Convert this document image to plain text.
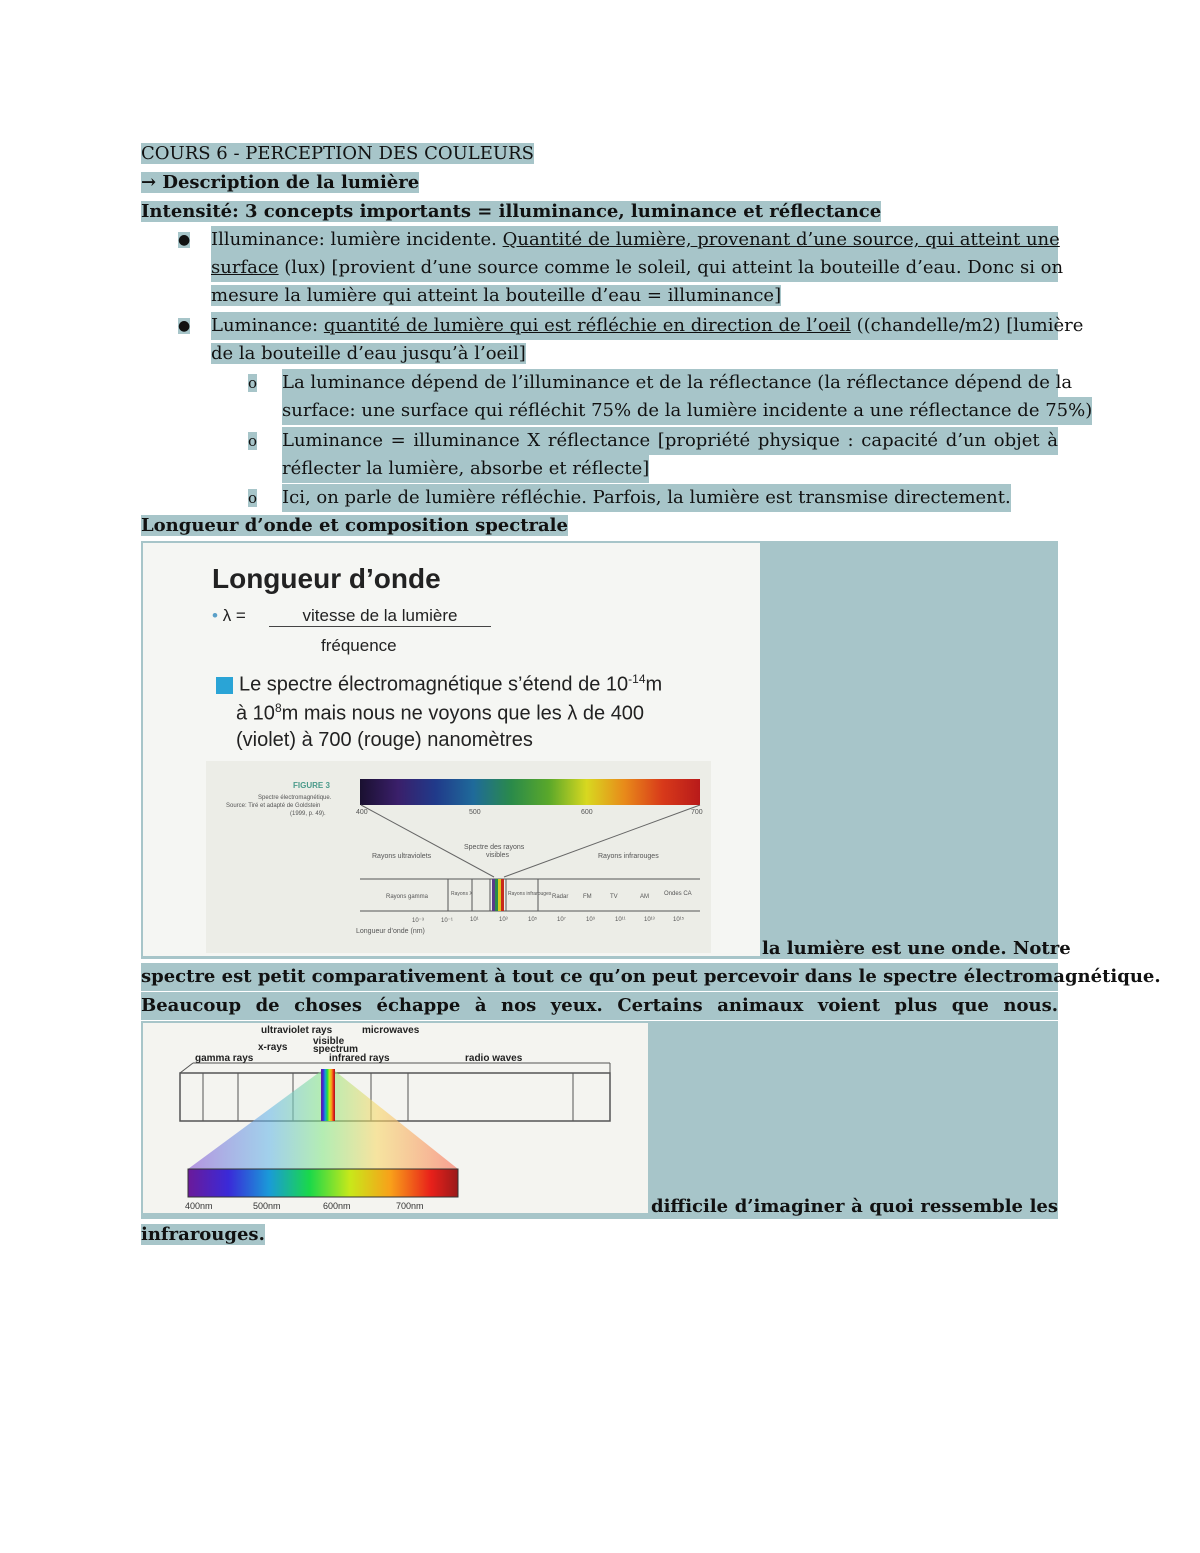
COURS 6 - PERCEPTION DES COULEURS
→ Description de la lumière
Intensité: 3 concepts importants = illuminance, luminance et réflectance
● Illuminance: lumière incidente. Quantité de lumière, provenant d’une source, qui atteint une
surface (lux) [provient d’une source comme le soleil, qui atteint la bouteille d’eau. Donc si on
mesure la lumière qui atteint la bouteille d’eau = illuminance]
● Luminance: quantité de lumière qui est réfléchie en direction de l’oeil ((chandelle/m2) [lumière
de la bouteille d’eau jusqu’à l’oeil]
o La luminance dépend de l’illuminance et de la réflectance (la réflectance dépend de la
surface: une surface qui réfléchit 75% de la lumière incidente a une réflectance de 75%)
o Luminance = illuminance X réflectance [propriété physique : capacité d’un objet à
réflecter la lumière, absorbe et réflecte]
o Ici, on parle de lumière réfléchie. Parfois, la lumière est transmise directement.
Longueur d’onde et composition spectrale
Longueur d’onde
• λ =	vitesse de la lumière
fréquence
Le spectre électromagnétique s’étend de $10^{-14}m$
à $10^8m$ mais nous ne voyons que les λ de 400
(violet) à 700 (rouge) nanomètres
FIGURE 3
Spectre électromagnétique.
Source: Tiré et adapté de Goldstein
(1999, p. 49).	400	500	600	700
Rayons ultraviolets
Spectre des rayons
visibles	Rayons infrarouges
Rayons gamma	Rayons X	Rayons infrarouges Radar FM	TV	AM	Ondes CA
10⁻³	10⁻¹	10¹	10³	10⁵	10⁷	10⁹	10¹¹	10¹³	10¹⁵
Longueur d’onde (nm)
la lumière est une onde. Notre
spectre est petit comparativement à tout ce qu’on peut percevoir dans le spectre électromagnétique.
Beaucoup de choses échappe à nos yeux. Certains animaux voient plus que nous.
ultraviolet rays	microwaves
x-rays
visible
spectrum
gamma rays	infrared rays	radio waves
400nm	500nm	600nm	700nm	difficile d’imaginer à quoi ressemble les
infrarouges.
